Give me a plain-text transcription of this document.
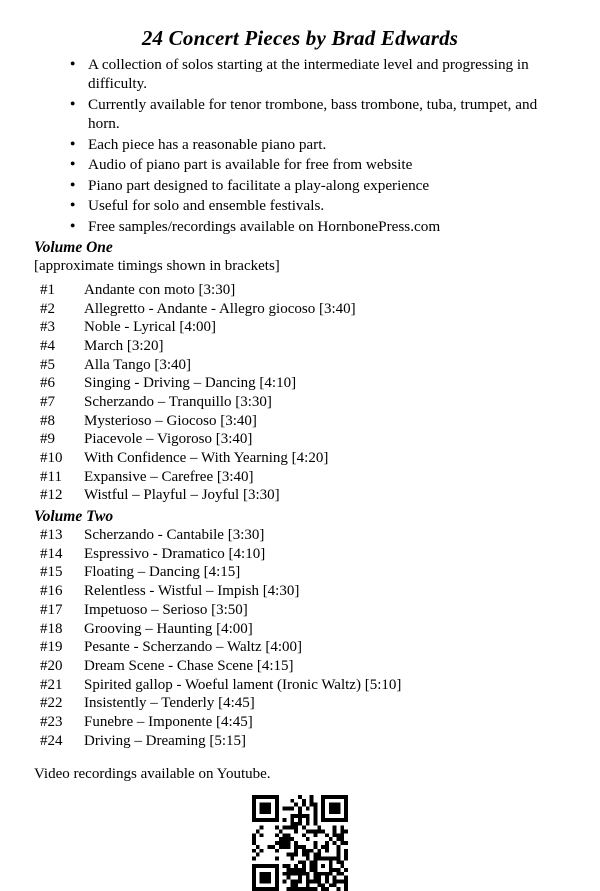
24 Concert Pieces by Brad Edwards
● A collection of solos starting at the intermediate level and progressing in difficulty.
● Currently available for tenor trombone, bass trombone, tuba, trumpet, and horn.
● Each piece has a reasonable piano part.
● Audio of piano part is available for free from website
● Piano part designed to facilitate a play-along experience
● Useful for solo and ensemble festivals.
● Free samples/recordings available on HornbonePress.com
Volume One
[approximate timings shown in brackets]
#1	Andante con moto [3:30]
#2	Allegretto - Andante - Allegro giocoso [3:40]
#3	Noble - Lyrical [4:00]
#4	March [3:20]
#5	Alla Tango [3:40]
#6	Singing - Driving – Dancing [4:10]
#7	Scherzando – Tranquillo [3:30]
#8	Mysterioso – Giocoso [3:40]
#9	Piacevole – Vigoroso [3:40]
#10	With Confidence – With Yearning [4:20]
#11	Expansive – Carefree [3:40]
#12	Wistful – Playful – Joyful [3:30]
Volume Two
#13	Scherzando - Cantabile [3:30]
#14	Espressivo - Dramatico [4:10]
#15	Floating – Dancing [4:15]
#16	Relentless - Wistful – Impish [4:30]
#17	Impetuoso – Serioso [3:50]
#18	Grooving – Haunting [4:00]
#19	Pesante - Scherzando – Waltz [4:00]
#20	Dream Scene - Chase Scene [4:15]
#21	Spirited gallop - Woeful lament (Ironic Waltz) [5:10]
#22	Insistently – Tenderly [4:45]
#23	Funebre – Imponente [4:45]
#24	Driving – Dreaming [5:15]
Video recordings available on Youtube.
